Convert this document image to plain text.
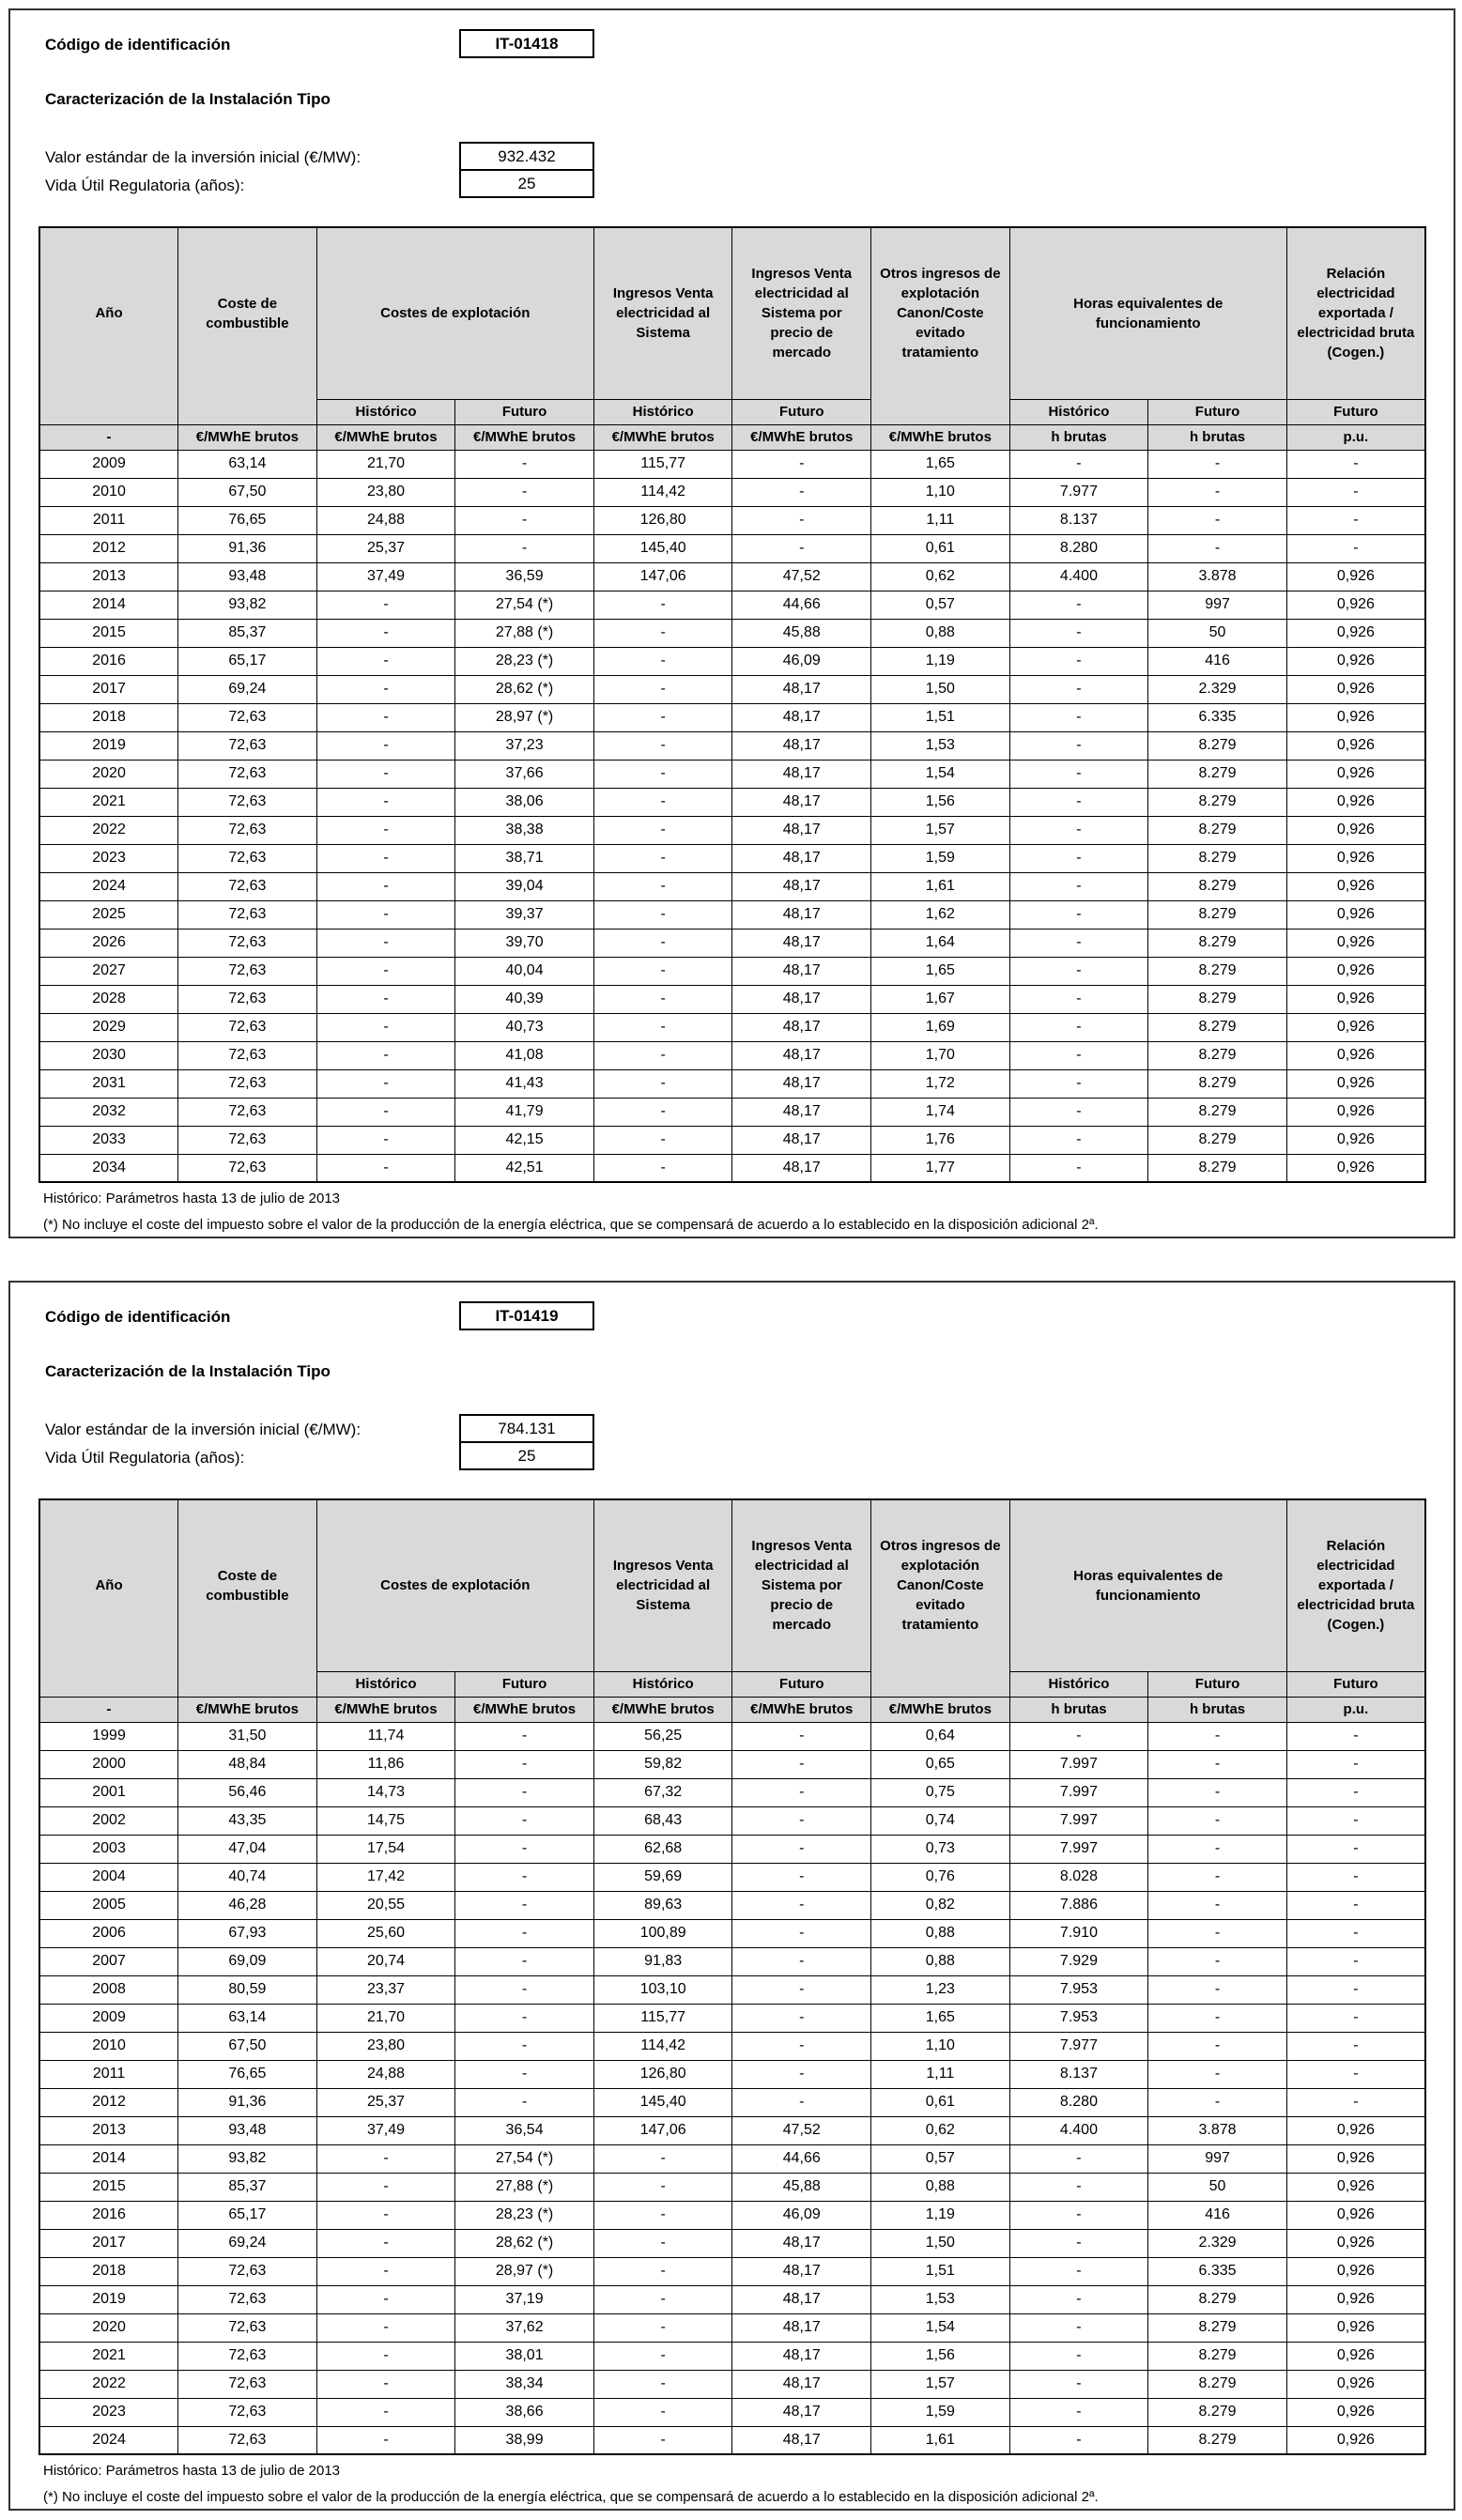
Código de identificación	IT-01418
Caracterización de la Instalación Tipo
Valor estándar de la inversión inicial (€/MW):	932.432
Vida Útil Regulatoria (años):	25
Año	Coste de combustible	Costes de explotación		Ingresos Venta electricidad al Sistema	Ingresos Venta electricidad al Sistema por precio de mercado	Otros ingresos de explotación Canon/Coste evitado tratamiento	Horas equivalentes de funcionamiento		Relación electricidad exportada / electricidad bruta (Cogen.)
		Histórico	Futuro	Histórico	Futuro		Histórico	Futuro	Futuro
-	€/MWhE brutos	€/MWhE brutos	€/MWhE brutos	€/MWhE brutos	€/MWhE brutos	€/MWhE brutos	h brutas	h brutas	p.u.
2009	63,14	21,70	-	115,77	-	1,65	-	-	-
2010	67,50	23,80	-	114,42	-	1,10	7.977	-	-
2011	76,65	24,88	-	126,80	-	1,11	8.137	-	-
2012	91,36	25,37	-	145,40	-	0,61	8.280	-	-
2013	93,48	37,49	36,59	147,06	47,52	0,62	4.400	3.878	0,926
2014	93,82	-	27,54 (*)	-	44,66	0,57	-	997	0,926
2015	85,37	-	27,88 (*)	-	45,88	0,88	-	50	0,926
2016	65,17	-	28,23 (*)	-	46,09	1,19	-	416	0,926
2017	69,24	-	28,62 (*)	-	48,17	1,50	-	2.329	0,926
2018	72,63	-	28,97 (*)	-	48,17	1,51	-	6.335	0,926
2019	72,63	-	37,23	-	48,17	1,53	-	8.279	0,926
2020	72,63	-	37,66	-	48,17	1,54	-	8.279	0,926
2021	72,63	-	38,06	-	48,17	1,56	-	8.279	0,926
2022	72,63	-	38,38	-	48,17	1,57	-	8.279	0,926
2023	72,63	-	38,71	-	48,17	1,59	-	8.279	0,926
2024	72,63	-	39,04	-	48,17	1,61	-	8.279	0,926
2025	72,63	-	39,37	-	48,17	1,62	-	8.279	0,926
2026	72,63	-	39,70	-	48,17	1,64	-	8.279	0,926
2027	72,63	-	40,04	-	48,17	1,65	-	8.279	0,926
2028	72,63	-	40,39	-	48,17	1,67	-	8.279	0,926
2029	72,63	-	40,73	-	48,17	1,69	-	8.279	0,926
2030	72,63	-	41,08	-	48,17	1,70	-	8.279	0,926
2031	72,63	-	41,43	-	48,17	1,72	-	8.279	0,926
2032	72,63	-	41,79	-	48,17	1,74	-	8.279	0,926
2033	72,63	-	42,15	-	48,17	1,76	-	8.279	0,926
2034	72,63	-	42,51	-	48,17	1,77	-	8.279	0,926
Histórico: Parámetros hasta 13 de julio de 2013
(*) No incluye el coste del impuesto sobre el valor de la producción de la energía eléctrica, que se compensará de acuerdo a lo establecido en la disposición adicional 2ª.
Código de identificación	IT-01419
Caracterización de la Instalación Tipo
Valor estándar de la inversión inicial (€/MW):	784.131
Vida Útil Regulatoria (años):	25
Año	Coste de combustible	Costes de explotación		Ingresos Venta electricidad al Sistema	Ingresos Venta electricidad al Sistema por precio de mercado	Otros ingresos de explotación Canon/Coste evitado tratamiento	Horas equivalentes de funcionamiento		Relación electricidad exportada / electricidad bruta (Cogen.)
		Histórico	Futuro	Histórico	Futuro		Histórico	Futuro	Futuro
-	€/MWhE brutos	€/MWhE brutos	€/MWhE brutos	€/MWhE brutos	€/MWhE brutos	€/MWhE brutos	h brutas	h brutas	p.u.
1999	31,50	11,74	-	56,25	-	0,64	-	-	-
2000	48,84	11,86	-	59,82	-	0,65	7.997	-	-
2001	56,46	14,73	-	67,32	-	0,75	7.997	-	-
2002	43,35	14,75	-	68,43	-	0,74	7.997	-	-
2003	47,04	17,54	-	62,68	-	0,73	7.997	-	-
2004	40,74	17,42	-	59,69	-	0,76	8.028	-	-
2005	46,28	20,55	-	89,63	-	0,82	7.886	-	-
2006	67,93	25,60	-	100,89	-	0,88	7.910	-	-
2007	69,09	20,74	-	91,83	-	0,88	7.929	-	-
2008	80,59	23,37	-	103,10	-	1,23	7.953	-	-
2009	63,14	21,70	-	115,77	-	1,65	7.953	-	-
2010	67,50	23,80	-	114,42	-	1,10	7.977	-	-
2011	76,65	24,88	-	126,80	-	1,11	8.137	-	-
2012	91,36	25,37	-	145,40	-	0,61	8.280	-	-
2013	93,48	37,49	36,54	147,06	47,52	0,62	4.400	3.878	0,926
2014	93,82	-	27,54 (*)	-	44,66	0,57	-	997	0,926
2015	85,37	-	27,88 (*)	-	45,88	0,88	-	50	0,926
2016	65,17	-	28,23 (*)	-	46,09	1,19	-	416	0,926
2017	69,24	-	28,62 (*)	-	48,17	1,50	-	2.329	0,926
2018	72,63	-	28,97 (*)	-	48,17	1,51	-	6.335	0,926
2019	72,63	-	37,19	-	48,17	1,53	-	8.279	0,926
2020	72,63	-	37,62	-	48,17	1,54	-	8.279	0,926
2021	72,63	-	38,01	-	48,17	1,56	-	8.279	0,926
2022	72,63	-	38,34	-	48,17	1,57	-	8.279	0,926
2023	72,63	-	38,66	-	48,17	1,59	-	8.279	0,926
2024	72,63	-	38,99	-	48,17	1,61	-	8.279	0,926
Histórico: Parámetros hasta 13 de julio de 2013
(*) No incluye el coste del impuesto sobre el valor de la producción de la energía eléctrica, que se compensará de acuerdo a lo establecido en la disposición adicional 2ª.
